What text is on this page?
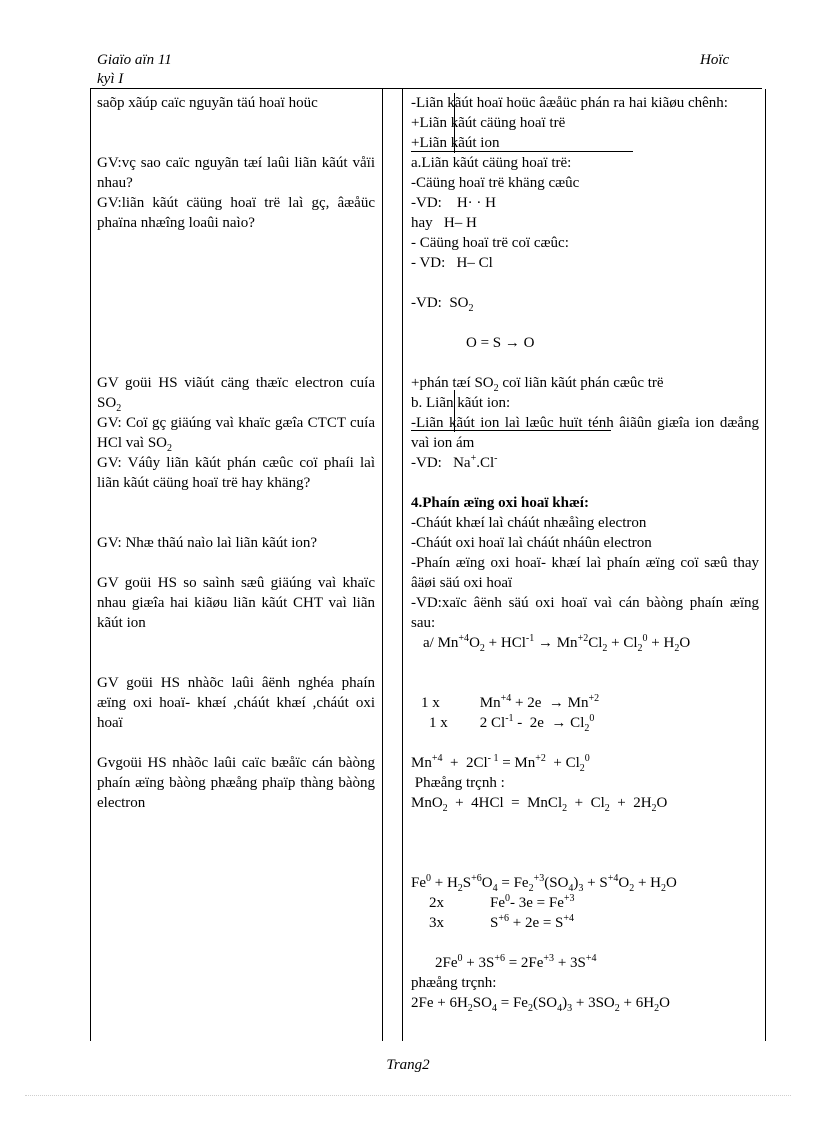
Giaïo aïn 11
kyì I
Hoïc

saõp xãúp caïc nguyãn täú hoaï hoüc

GV:vç sao caïc nguyãn tæí laûi liãn kãút våïi nhau?

GV:liãn kãút cäüng hoaï trë laì gç, âæåüc phaïna nhæîng loaûi naìo?

GV goüi HS viãút cäng thæïc electron cuía $SO_2$

GV: Coï gç giäúng vaì khaïc gæîa CTCT cuía HCl vaì $SO_2$

GV: Váûy liãn kãút phán cæûc coï phaíi laì liãn kãút cäüng hoaï trë hay khäng?

GV: Nhæ thãú naìo laì liãn kãút ion?

GV goüi HS so saình sæû giäúng vaì khaïc nhau giæîa hai kiãøu liãn kãút CHT vaì liãn kãút ion

GV goüi HS nhàõc laûi âënh nghéa phaín æïng oxi hoaï- khæí ,cháút khæí ,cháút oxi hoaï

Gvgoüi HS nhàõc laûi caïc bæåïc cán bàòng phaín æïng bàòng phæång phaïp thàng bàòng electron

-Liãn kãút hoaï hoüc âæåüc phán ra hai kiãøu chênh:

+Liãn kãút cäüng hoaï trë

+Liãn kãút ion

a.Liãn kãút cäüng hoaï trë:

-Cäüng hoaï trë khäng cæûc

-VD:    H· · H

hay   H– H

- Cäüng hoaï trë coï cæûc:

- VD:   H– Cl

-VD:  $SO_2$

O = S → O

+phán tæí $SO_2$ coï liãn kãút phán cæûc trë

b. Liãn kãút ion:

-Liãn kãút ion laì læûc huït ténh âiãûn giæîa ion dæång vaì ion ám

-VD:   Na+.Cl-

4.Phaín æïng oxi hoaï khæí:

-Cháút khæí laì cháút nhæåìng electron

-Cháút oxi hoaï laì cháút nháûn electron

-Phaín æïng oxi hoaï- khæí laì phaín æïng coï sæû thay âäøi säú oxi hoaï

-VD:xaïc âënh säú oxi hoaï vaì cán bàòng phaín æïng sau:

a/ $Mn^{+4}O_2 + HCl^{-1} \to Mn^{+2}Cl_2 + Cl_2^0 + H_2O$

1 x	$Mn^{+4} + 2e \to Mn^{+2}$

1 x 2 $Cl^{-1} - 2e \to Cl_2^0$

$Mn^{+4} + 2Cl^{- 1} = Mn^{+2} + Cl_2^0$

Phæång trçnh :

MnO$_2$  +  4HCl  =  MnCl$_2$  +  $Cl_2 + 2H_2O$

$Fe^0 + H_2S^{+6}O_4 = Fe_2^{+3}(SO_4)_3 + S^{+4}O_2 + H_2O$

2x	Fe$^0$- $3e = Fe^{+3}$

3x	$S^{+6} + 2e = S^{+4}$

$2Fe^0 + 3S^{+6} = 2Fe^{+3} + 3S^{+4}$

phæång trçnh:

$2Fe + 6H_2SO_4 = Fe_2(SO_4)_3 + 3SO_2 + 6H_2O$

Trang2
